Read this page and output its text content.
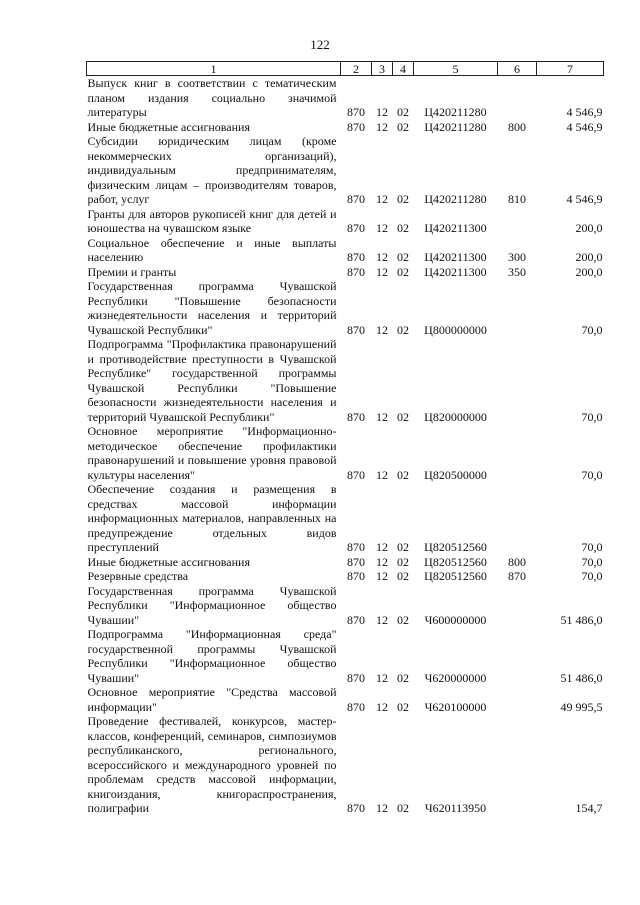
122
1	2	3	4	5	6	7
Выпуск книг в соответствии с тематическим планом издания социально значимой литературы	870	12	02	Ц420211280		4 546,9
Иные бюджетные ассигнования	870	12	02	Ц420211280	800	4 546,9
Субсидии юридическим лицам (кроме некоммерческих организаций), индивидуальным предпринимателям, физическим лицам – производителям товаров, работ, услуг	870	12	02	Ц420211280	810	4 546,9
Гранты для авторов рукописей книг для детей и юношества на чувашском языке	870	12	02	Ц420211300		200,0
Социальное обеспечение и иные выплаты населению	870	12	02	Ц420211300	300	200,0
Премии и гранты	870	12	02	Ц420211300	350	200,0
Государственная программа Чувашской Республики "Повышение безопасности жизнедеятельности населения и территорий Чувашской Республики"	870	12	02	Ц800000000		70,0
Подпрограмма "Профилактика правонарушений и противодействие преступности в Чувашской Республике" государственной программы Чувашской Республики "Повышение безопасности жизнедеятельности населения и территорий Чувашской Республики"	870	12	02	Ц820000000		70,0
Основное мероприятие "Информационно-методическое обеспечение профилактики правонарушений и повышение уровня правовой культуры населения"	870	12	02	Ц820500000		70,0
Обеспечение создания и размещения в средствах массовой информации информационных материалов, направленных на предупреждение отдельных видов преступлений	870	12	02	Ц820512560		70,0
Иные бюджетные ассигнования	870	12	02	Ц820512560	800	70,0
Резервные средства	870	12	02	Ц820512560	870	70,0
Государственная программа Чувашской Республики "Информационное общество Чувашии"	870	12	02	Ч600000000		51 486,0
Подпрограмма "Информационная среда" государственной программы Чувашской Республики "Информационное общество Чувашии"	870	12	02	Ч620000000		51 486,0
Основное мероприятие "Средства массовой информации"	870	12	02	Ч620100000		49 995,5
Проведение фестивалей, конкурсов, мастер-классов, конференций, семинаров, симпозиумов республиканского, регионального, всероссийского и международного уровней по проблемам средств массовой информации, книгоиздания, книгораспространения, полиграфии	870	12	02	Ч620113950		154,7
